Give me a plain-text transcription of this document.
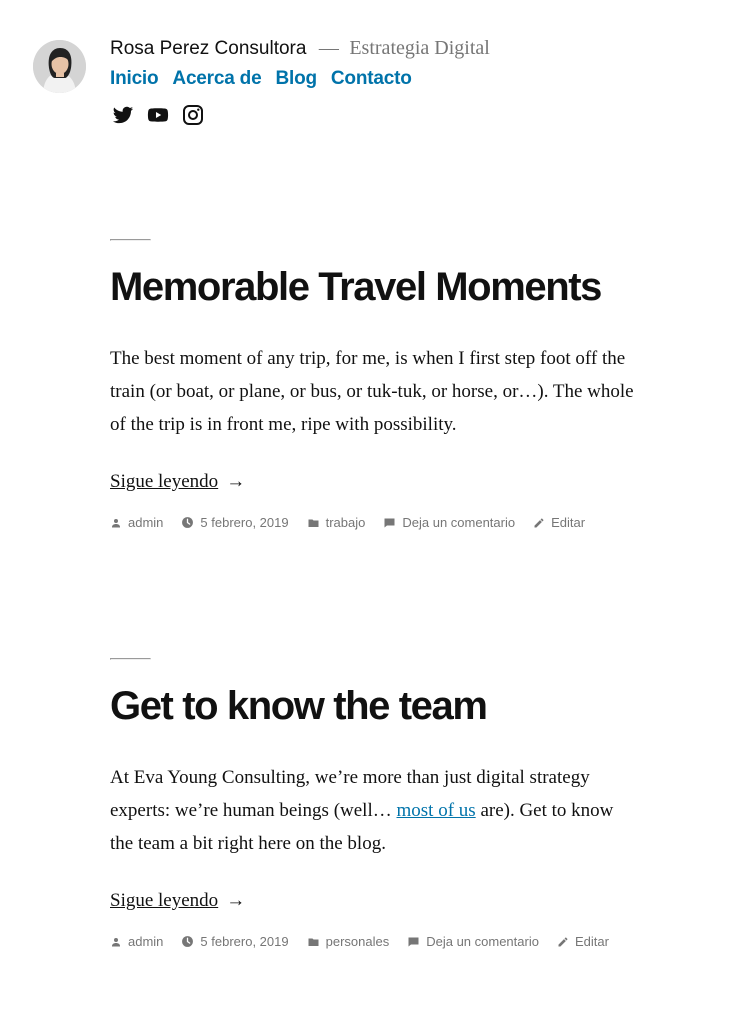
Rosa Perez Consultora — Estrategia Digital
Inicio Acerca de Blog Contacto
Memorable Travel Moments

The best moment of any trip, for me, is when I first step foot off the train (or boat, or plane, or bus, or tuk-tuk, or horse, or…). The whole of the trip is in front me, ripe with possibility.

Sigue leyendo →
admin	5 febrero, 2019	trabajo	Deja un comentario	Editar
Get to know the team

At Eva Young Consulting, we’re more than just digital strategy experts: we’re human beings (well… most of us are). Get to know the team a bit right here on the blog.

Sigue leyendo →
admin	5 febrero, 2019	personales	Deja un comentario	Editar
